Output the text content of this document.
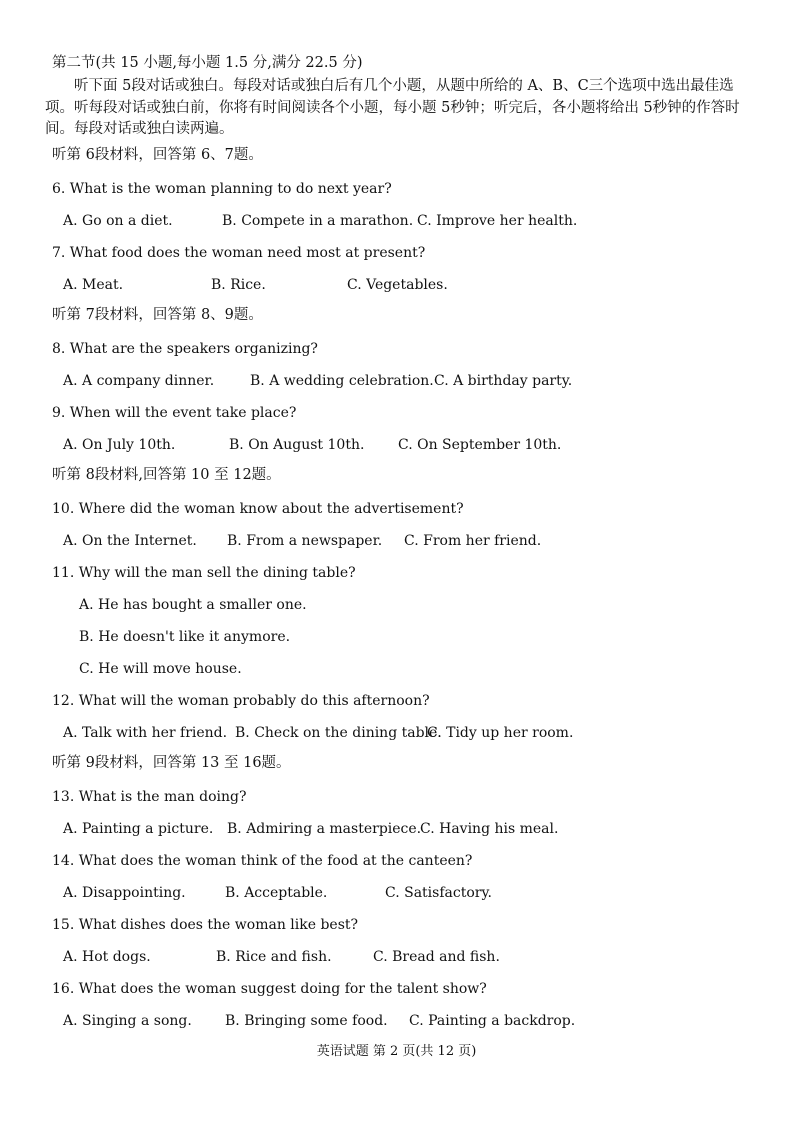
第二节(共 15 小题,每小题 1.5 分,满分 22.5 分)
听下面 5段对话或独白。每段对话或独白后有几个小题，从题中所给的 A、B、C三个选项中选出最佳选项。听每段对话或独白前，你将有时间阅读各个小题，每小题 5秒钟；听完后，各小题将给出 5秒钟的作答时间。每段对话或独白读两遍。
听第 6段材料，回答第 6、7题。
6. What is the woman planning to do next year?
A. Go on a diet.	B. Compete in a marathon. C. Improve her health.
7. What food does the woman need most at present?
A. Meat.	B. Rice.	C. Vegetables.
听第 7段材料，回答第 8、9题。
8. What are the speakers organizing?
A. A company dinner.	B. A wedding celebration. C. A birthday party.
9. When will the event take place?
A. On July 10th.	B. On August 10th. C. On September 10th.
听第 8段材料,回答第 10 至 12题。
10. Where did the woman know about the advertisement?
A. On the Internet. B. From a newspaper. C. From her friend.
11. Why will the man sell the dining table?
A. He has bought a smaller one.
B. He doesn't like it anymore.
C. He will move house.
12. What will the woman probably do this afternoon?
A. Talk with her friend. B. Check on the dining table.
C. Tidy up her room.
听第 9段材料，回答第 13 至 16题。
13. What is the man doing?
A. Painting a picture. B. Admiring a masterpiece.
C. Having his meal.
14. What does the woman think of the food at the canteen?
A. Disappointing.	B. Acceptable.	C. Satisfactory.
15. What dishes does the woman like best?
A. Hot dogs.	B. Rice and fish.	C. Bread and fish.
16. What does the woman suggest doing for the talent show?
A. Singing a song. B. Bringing some food. C. Painting a backdrop.
英语试题 第 2 页(共 12 页)
